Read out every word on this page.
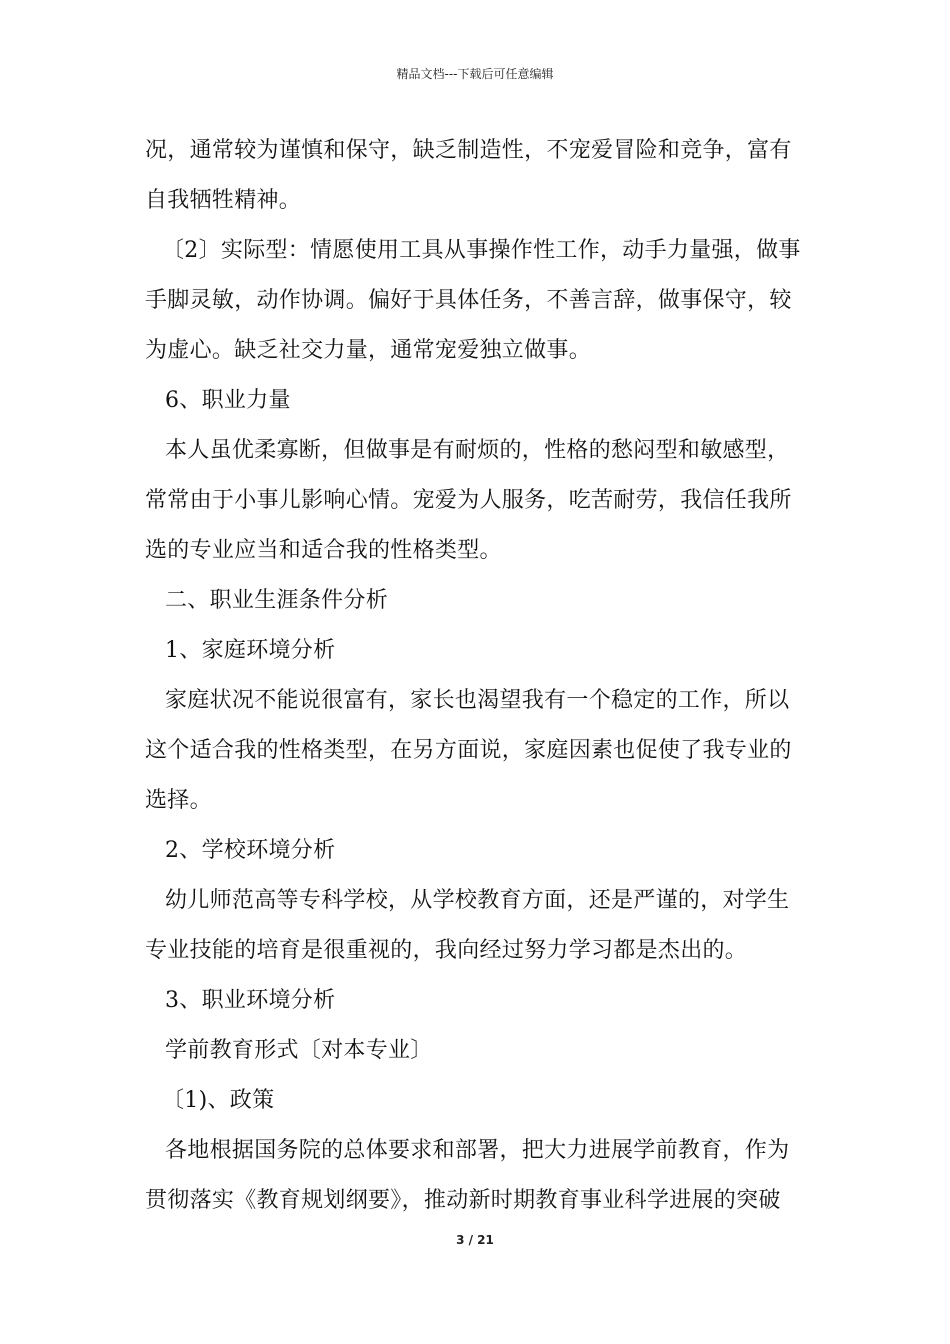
精品文档---下载后可任意编辑
况，通常较为谨慎和保守，缺乏制造性，不宠爱冒险和竞争，富有
自我牺牲精神。
〔2〕实际型：情愿使用工具从事操作性工作，动手力量强，做事
手脚灵敏，动作协调。偏好于具体任务，不善言辞，做事保守，较
为虚心。缺乏社交力量，通常宠爱独立做事。
6、职业力量
本人虽优柔寡断，但做事是有耐烦的，性格的愁闷型和敏感型，
常常由于小事儿影响心情。宠爱为人服务，吃苦耐劳，我信任我所
选的专业应当和适合我的性格类型。
二、职业生涯条件分析
1、家庭环境分析
家庭状况不能说很富有，家长也渴望我有一个稳定的工作，所以
这个适合我的性格类型，在另方面说，家庭因素也促使了我专业的
选择。
2、学校环境分析
幼儿师范高等专科学校，从学校教育方面，还是严谨的，对学生
专业技能的培育是很重视的，我向经过努力学习都是杰出的。
3、职业环境分析
学前教育形式〔对本专业〕
〔1)、政策
各地根据国务院的总体要求和部署，把大力进展学前教育，作为
贯彻落实《教育规划纲要》，推动新时期教育事业科学进展的突破
3 / 21
